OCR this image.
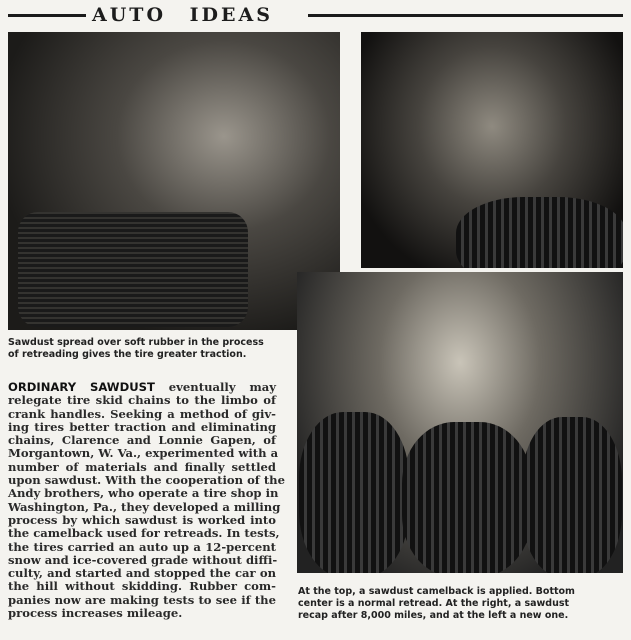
AUTO IDEAS
Sawdust spread over soft rubber in the process
of retreading gives the tire greater traction.
At the top, a sawdust camelback is applied. Bottom
center is a normal retread. At the right, a sawdust
recap after 8,000 miles, and at the left a new one.
ORDINARY SAWDUST eventually may
relegate tire skid chains to the limbo of
crank handles. Seeking a method of giv-
ing tires better traction and eliminating
chains, Clarence and Lonnie Gapen, of
Morgantown, W. Va., experimented with a
number of materials and finally settled
upon sawdust. With the cooperation of the
Andy brothers, who operate a tire shop in
Washington, Pa., they developed a milling
process by which sawdust is worked into
the camelback used for retreads. In tests,
the tires carried an auto up a 12-percent
snow and ice-covered grade without diffi-
culty, and started and stopped the car on
the hill without skidding. Rubber com-
panies now are making tests to see if the
process increases mileage.
